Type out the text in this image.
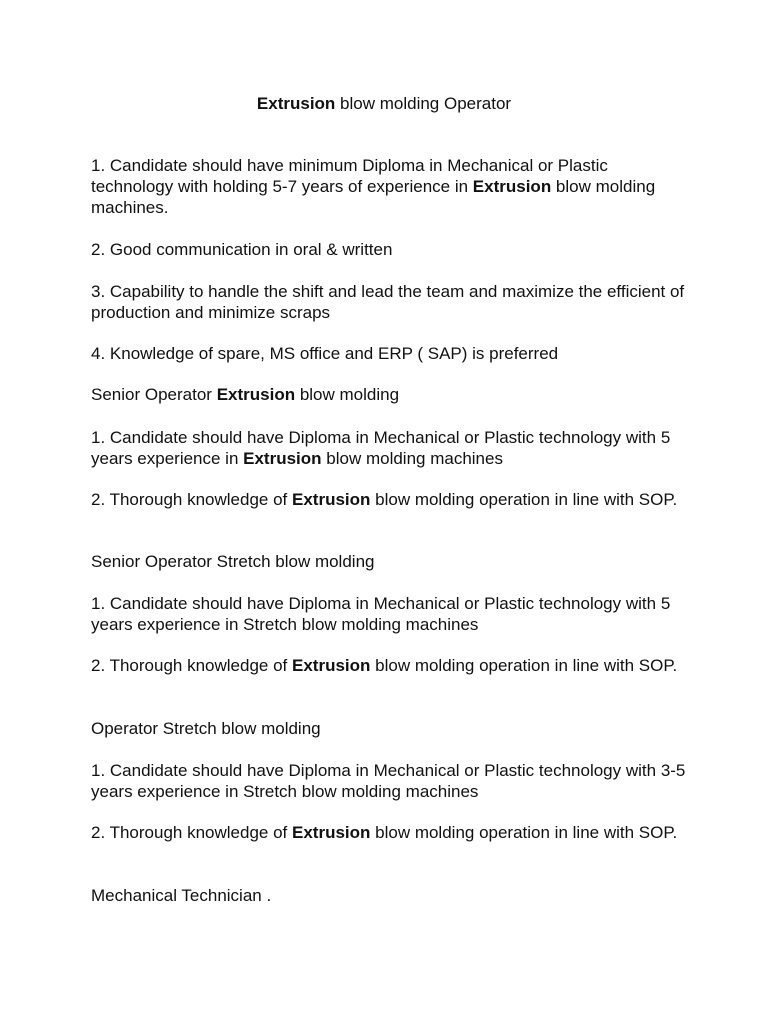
Extrusion blow molding Operator

1. Candidate should have minimum Diploma in Mechanical or Plastic technology with holding 5-7 years of experience in Extrusion blow molding machines.

2. Good communication in oral & written

3. Capability to handle the shift and lead the team and maximize the efficient of production and minimize scraps

4. Knowledge of spare, MS office and ERP ( SAP) is preferred

Senior Operator Extrusion blow molding

1. Candidate should have Diploma in Mechanical or Plastic technology with 5 years experience in Extrusion blow molding machines

2. Thorough knowledge of Extrusion blow molding operation in line with SOP.

Senior Operator Stretch blow molding

1. Candidate should have Diploma in Mechanical or Plastic technology with 5 years experience in Stretch blow molding machines

2. Thorough knowledge of Extrusion blow molding operation in line with SOP.

Operator Stretch blow molding

1. Candidate should have Diploma in Mechanical or Plastic technology with 3-5 years experience in Stretch blow molding machines

2. Thorough knowledge of Extrusion blow molding operation in line with SOP.

Mechanical Technician .
